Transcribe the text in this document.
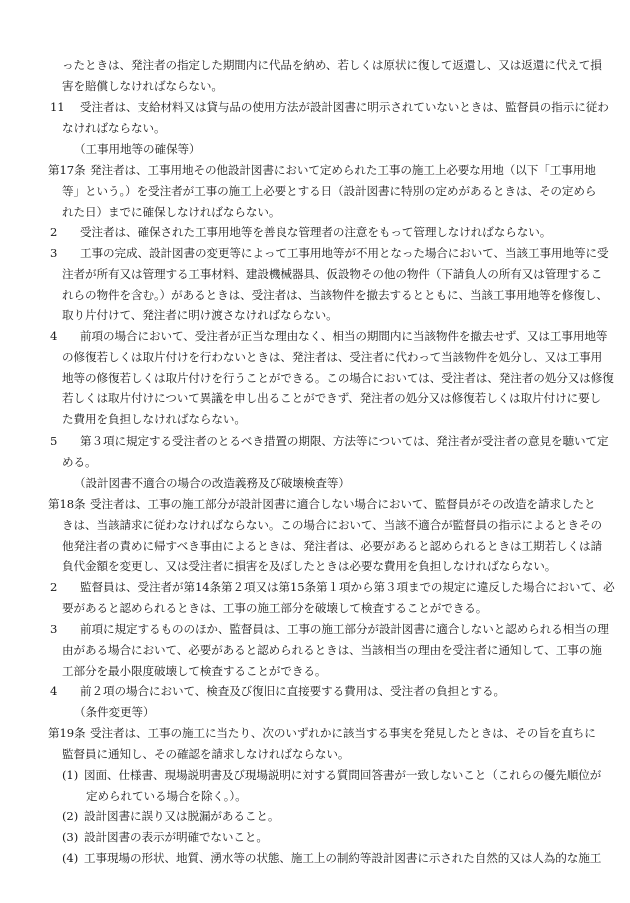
ったときは、発注者の指定した期間内に代品を納め、若しくは原状に復して返還し、又は返還に代えて損
害を賠償しなければならない。
11	受注者は、支給材料又は貸与品の使用方法が設計図書に明示されていないときは、監督員の指示に従わ
なければならない。
（工事用地等の確保等）
第17条 発注者は、工事用地その他設計図書において定められた工事の施工上必要な用地（以下「工事用地
等」という。）を受注者が工事の施工上必要とする日（設計図書に特別の定めがあるときは、その定めら
れた日）までに確保しなければならない。
2	受注者は、確保された工事用地等を善良な管理者の注意をもって管理しなければならない。
3	工事の完成、設計図書の変更等によって工事用地等が不用となった場合において、当該工事用地等に受
注者が所有又は管理する工事材料、建設機械器具、仮設物その他の物件（下請負人の所有又は管理するこ
れらの物件を含む。）があるときは、受注者は、当該物件を撤去するとともに、当該工事用地等を修復し、
取り片付けて、発注者に明け渡さなければならない。
4	前項の場合において、受注者が正当な理由なく、相当の期間内に当該物件を撤去せず、又は工事用地等
の修復若しくは取片付けを行わないときは、発注者は、受注者に代わって当該物件を処分し、又は工事用
地等の修復若しくは取片付けを行うことができる。この場合においては、受注者は、発注者の処分又は修復
若しくは取片付けについて異議を申し出ることができず、発注者の処分又は修復若しくは取片付けに要し
た費用を負担しなければならない。
5	第３項に規定する受注者のとるべき措置の期限、方法等については、発注者が受注者の意見を聴いて定
める。
（設計図書不適合の場合の改造義務及び破壊検査等）
第18条 受注者は、工事の施工部分が設計図書に適合しない場合において、監督員がその改造を請求したと
きは、当該請求に従わなければならない。この場合において、当該不適合が監督員の指示によるときその
他発注者の責めに帰すべき事由によるときは、発注者は、必要があると認められるときは工期若しくは請
負代金額を変更し、又は受注者に損害を及ぼしたときは必要な費用を負担しなければならない。
2	監督員は、受注者が第14条第２項又は第15条第１項から第３項までの規定に違反した場合において、必
要があると認められるときは、工事の施工部分を破壊して検査することができる。
3	前項に規定するもののほか、監督員は、工事の施工部分が設計図書に適合しないと認められる相当の理
由がある場合において、必要があると認められるときは、当該相当の理由を受注者に通知して、工事の施
工部分を最小限度破壊して検査することができる。
4	前２項の場合において、検査及び復旧に直接要する費用は、受注者の負担とする。
（条件変更等）
第19条 受注者は、工事の施工に当たり、次のいずれかに該当する事実を発見したときは、その旨を直ちに
監督員に通知し、その確認を請求しなければならない。
(1) 図面、仕様書、現場説明書及び現場説明に対する質問回答書が一致しないこと（これらの優先順位が
定められている場合を除く。）。
(2) 設計図書に誤り又は脱漏があること。
(3) 設計図書の表示が明確でないこと。
(4) 工事現場の形状、地質、湧水等の状態、施工上の制約等設計図書に示された自然的又は人為的な施工
